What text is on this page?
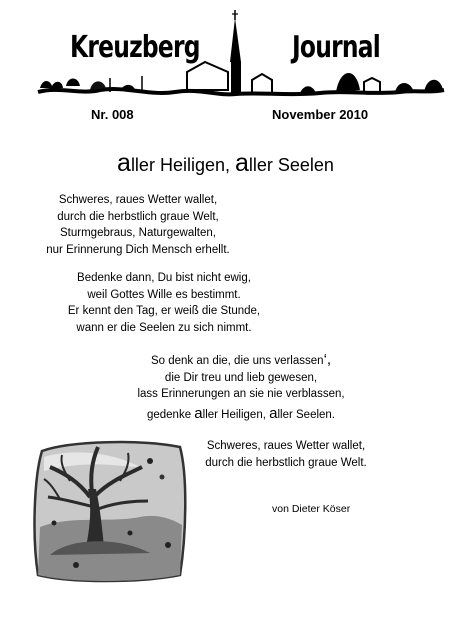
Kreuzberg	Journal
Nr. 008	November 2010
aller Heiligen, aller Seelen
Schweres, raues Wetter wallet,
durch die herbstlich graue Welt,
Sturmgebraus, Naturgewalten,
nur Erinnerung Dich Mensch erhellt.
Bedenke dann, Du bist nicht ewig,
weil Gottes Wille es bestimmt.
Er kennt den Tag, er weiß die Stunde,
wann er die Seelen zu sich nimmt.
So denk an die, die uns verlassen‘,
die Dir treu und lieb gewesen,
lass Erinnerungen an sie nie verblassen,
gedenke aller Heiligen, aller Seelen.
Schweres, raues Wetter wallet,
durch die herbstlich graue Welt.
von Dieter Köser
